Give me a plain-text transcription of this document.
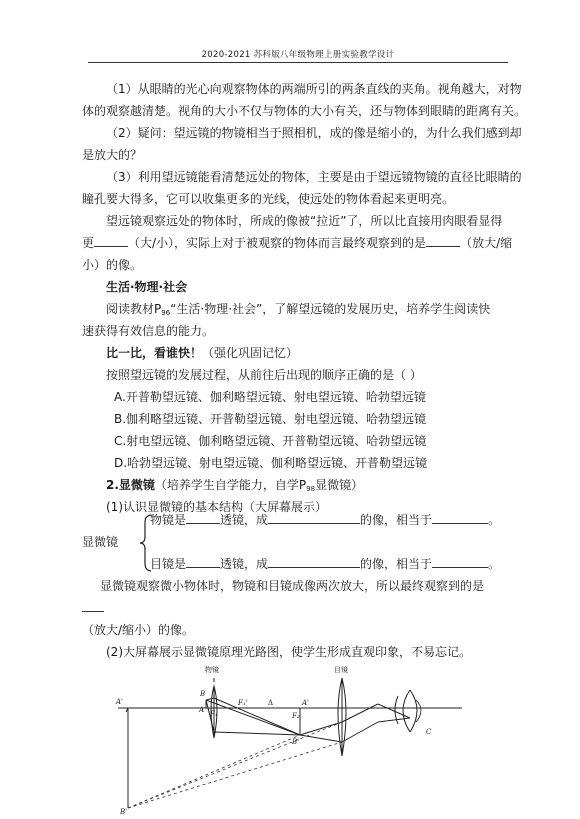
2020-2021 苏科版八年级物理上册实验教学设计
（1）从眼睛的光心向观察物体的两端所引的两条直线的夹角。视角越大，对物
体的观察越清楚。视角的大小不仅与物体的大小有关，还与物体到眼睛的距离有关。
（2）疑问：望远镜的物镜相当于照相机，成的像是缩小的，为什么我们感到却
是放大的？
（3）利用望远镜能看清楚远处的物体，主要是由于望远镜物镜的直径比眼睛的
瞳孔要大得多，它可以收集更多的光线，使远处的物体看起来更明亮。
望远镜观察远处的物体时，所成的像被“拉近”了，所以比直接用肉眼看显得
更	（大/小），实际上对于被观察的物体而言最终观察到的是	（放大/缩
小）的像。
生活·物理·社会
阅读教材$P_{96}“$生活·物理·社会”，了解望远镜的发展历史，培养学生阅读快
速获得有效信息的能力。
比一比，看谁快！（强化巩固记忆）
按照望远镜的发展过程，从前往后出现的顺序正确的是（ ）
A.开普勒望远镜、伽利略望远镜、射电望远镜、哈勃望远镜
B.伽利略望远镜、开普勒望远镜、射电望远镜、哈勃望远镜
C.射电望远镜、伽利略望远镜、开普勒望远镜、哈勃望远镜
D.哈勃望远镜、射电望远镜、伽利略望远镜、开普勒望远镜
2.显微镜（培养学生自学能力，自学$P_{98}$显微镜）
(1)认识显微镜的基本结构（大屏幕展示）
显微镜
物镜是	透镜，成	的像，相当于	。
目镜是	透镜，成	的像，相当于	。
显微镜观察微小物体时，物镜和目镜成像两次放大，所以最终观察到的是
（放大/缩小）的像。
(2)大屏幕展示显微镜原理光路图，使学生形成直观印象，不易忘记。
物镜	目镜
A'
B
A F₁
F₁'	Δ
F₂
A'
B'
B'
C
